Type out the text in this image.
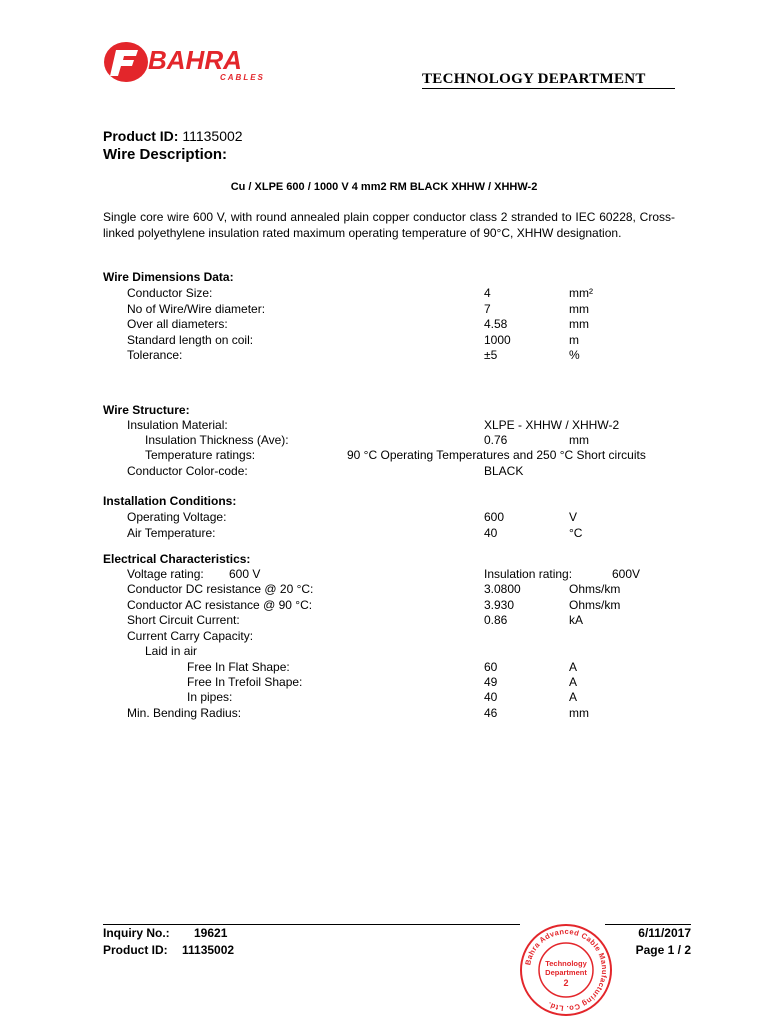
BAHRA
CABLES	TECHNOLOGY DEPARTMENT
Product ID: 11135002
Wire Description:
Cu / XLPE 600 / 1000 V 4 mm2 RM BLACK XHHW / XHHW-2
Single core wire 600 V, with round annealed plain copper conductor class 2 stranded to IEC 60228, Cross-linked polyethylene insulation rated maximum operating temperature of 90°C, XHHW designation.
Wire Dimensions Data:
Conductor Size:	4	mm²
No of Wire/Wire diameter:	7	mm
Over all diameters:	4.58	mm
Standard length on coil:	1000	m
Tolerance:	±5	%
Wire Structure:
Insulation Material:	XLPE - XHHW / XHHW-2
Insulation Thickness (Ave):	0.76	mm
Temperature ratings:	90 °C Operating Temperatures and 250 °C Short circuits
Conductor Color-code:	BLACK
Installation Conditions:
Operating Voltage:	600	V
Air Temperature:	40	°C
Electrical Characteristics:
Voltage rating: 600 V	Insulation rating:	600V
Conductor DC resistance @ 20 °C:	3.0800	Ohms/km
Conductor AC resistance @ 90 °C:	3.930	Ohms/km
Short Circuit Current:	0.86	kA
Current Carry Capacity:
Laid in air
Free In Flat Shape:	60	A
Free In Trefoil Shape:	49	A
In pipes:	40	A
Min. Bending Radius:	46	mm
Inquiry No.: 19621
Product ID: 11135002
6/11/2017
Page 1 / 2
Bahra Advanced Cable Manufacturing Co. Ltd.
Technology
Department
2
